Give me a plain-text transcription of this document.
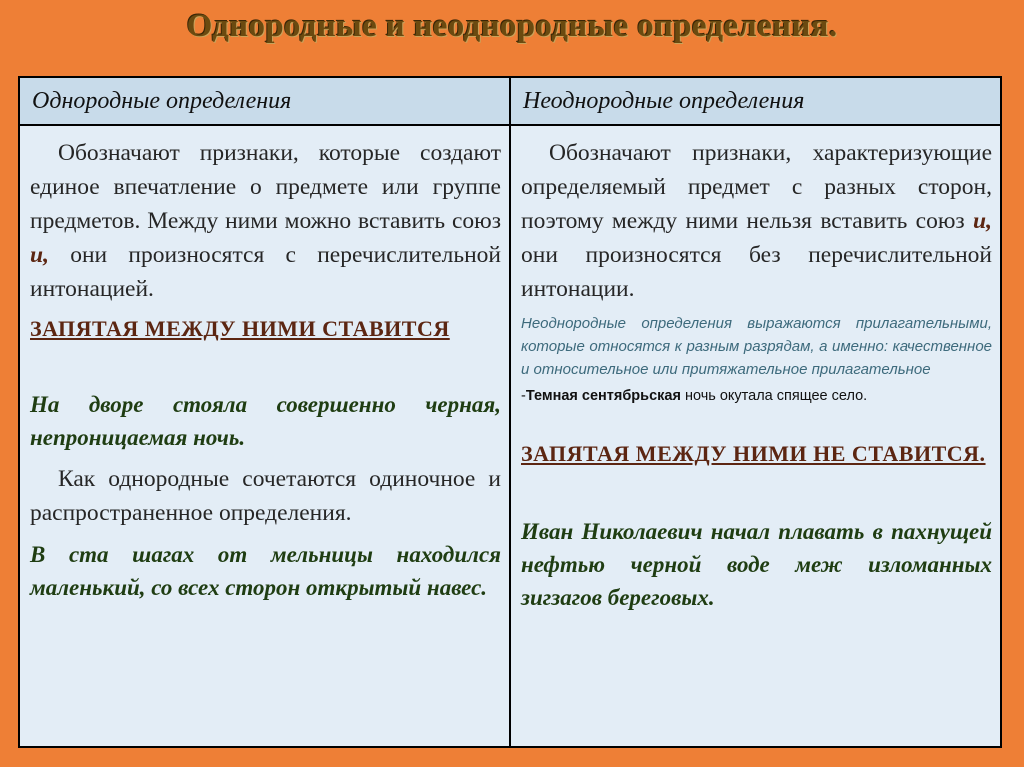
Однородные и неоднородные определения.
Однородные определения	Неоднородные определения

Обозначают признаки, которые создают единое впечатление о предмете или группе предметов. Между ними можно вставить союз и, они произносятся с перечислительной интонацией.

ЗАПЯТАЯ МЕЖДУ НИМИ СТАВИТСЯ

На дворе стояла совершенно черная, непроницаемая ночь.

Как однородные сочетаются одиночное и распространенное определения.

В ста шагах от мельницы находился маленький, со всех сторон открытый навес.

Обозначают признаки, характеризующие определяемый предмет с разных сторон, поэтому между ними нельзя вставить союз и, они произносятся без перечислительной интонации.

Неоднородные определения выражаются прилагательными, которые относятся к разным разрядам, а именно: качественное и относительное или притяжательное прилагательное

-Темная сентябрьская ночь окутала спящее село.

ЗАПЯТАЯ МЕЖДУ НИМИ НЕ СТАВИТСЯ.

Иван Николаевич начал плавать в пахнущей нефтью черной воде меж изломанных зигзагов береговых.
